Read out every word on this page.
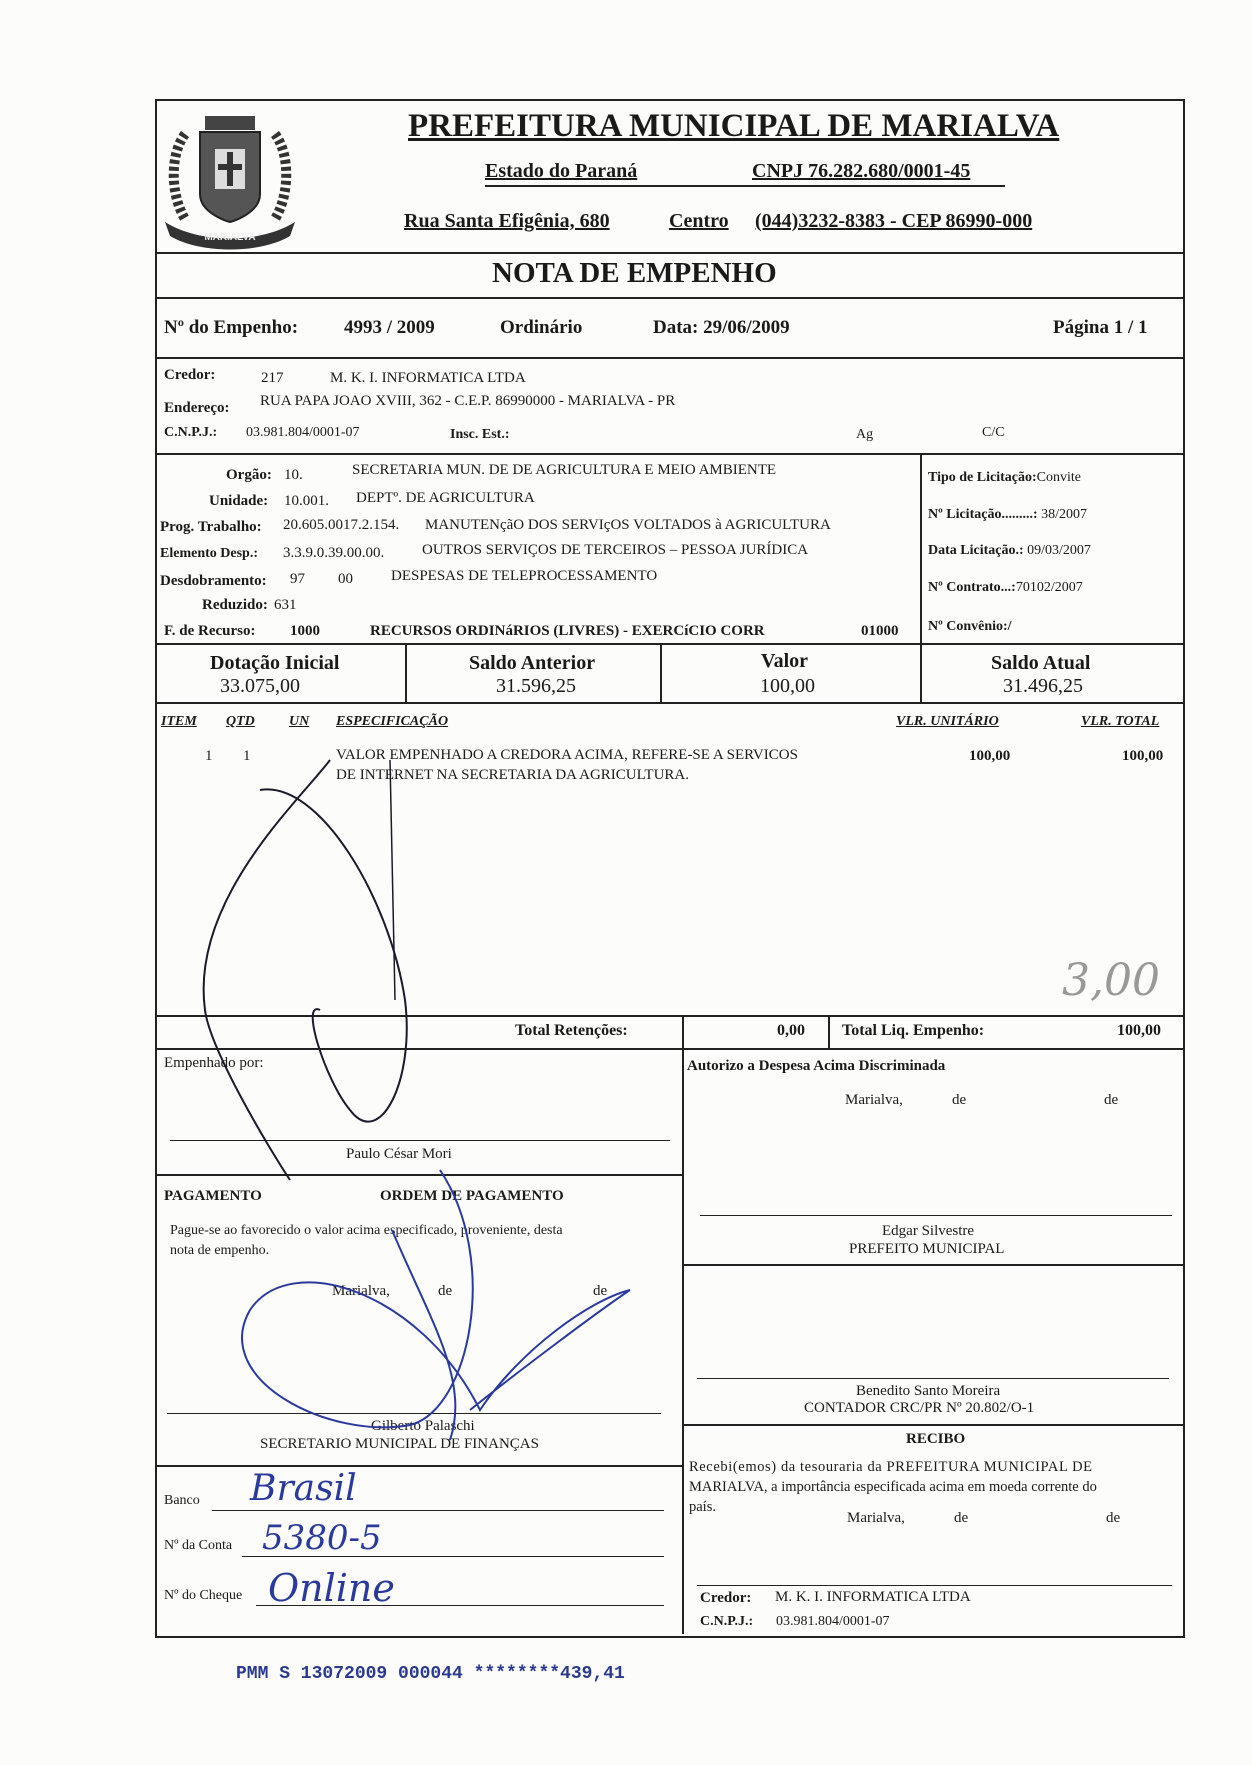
MARIALVA
PREFEITURA MUNICIPAL DE MARIALVA
Estado do Paraná	CNPJ 76.282.680/0001-45
Rua Santa Efigênia, 680	Centro (044)3232-8383 - CEP 86990-000
NOTA DE EMPENHO
Nº do Empenho: 4993 / 2009	Ordinário	Data: 29/06/2009	Página 1 / 1
Credor:	217	M. K. I. INFORMATICA LTDA
Endereço: RUA PAPA JOAO XVIII, 362 - C.E.P. 86990000 - MARIALVA - PR
C.N.P.J.: 03.981.804/0001-07	Insc. Est.:	Ag	C/C
Orgão: 10.	SECRETARIA MUN. DE DE AGRICULTURA E MEIO AMBIENTE
Unidade: 10.001. DEPTº. DE AGRICULTURA
Prog. Trabalho: 20.605.0017.2.154. MANUTENçãO DOS SERVIçOS VOLTADOS à AGRICULTURA
Elemento Desp.: 3.3.9.0.39.00.00.	OUTROS SERVIÇOS DE TERCEIROS – PESSOA JURÍDICA
Desdobramento: 97 00	DESPESAS DE TELEPROCESSAMENTO
Reduzido: 631
F. de Recurso: 1000	RECURSOS ORDINáRIOS (LIVRES) - EXERCíCIO CORR	01000
Tipo de Licitação:Convite
Nº Licitação.........: 38/2007
Data Licitação.: 09/03/2007
Nº Contrato...:70102/2007
Nº Convênio:/
Dotação Inicial
33.075,00
Saldo Anterior
31.596,25
Valor
100,00
Saldo Atual
31.496,25
ITEM QTD UN ESPECIFICAÇÃO	VLR. UNITÁRIO	VLR. TOTAL
1 1	VALOR EMPENHADO A CREDORA ACIMA, REFERE-SE A SERVICOS
DE INTERNET NA SECRETARIA DA AGRICULTURA.
100,00	100,00
3,00
Total Retenções:	0,00 Total Liq. Empenho:	100,00
Empenhado por:
Paulo César Mori
Autorizo a Despesa Acima Discriminada
Marialva,	de	de
Edgar Silvestre
PREFEITO MUNICIPAL
Benedito Santo Moreira
CONTADOR CRC/PR Nº 20.802/O-1
PAGAMENTO	ORDEM DE PAGAMENTO
Pague-se ao favorecido o valor acima especificado, proveniente, desta
nota de empenho.
Marialva,	de	de
Gilberto Palaschi
SECRETARIO MUNICIPAL DE FINANÇAS
Banco Brasil
Nº da Conta 5380-5
Nº do Cheque Online
RECIBO
Recebi(emos) da tesouraria da PREFEITURA MUNICIPAL DE
MARIALVA, a importância especificada acima em moeda corrente do
país.
Marialva,	de	de
Credor: M. K. I. INFORMATICA LTDA
C.N.P.J.: 03.981.804/0001-07
PMM S 13072009 000044 ********439,41
